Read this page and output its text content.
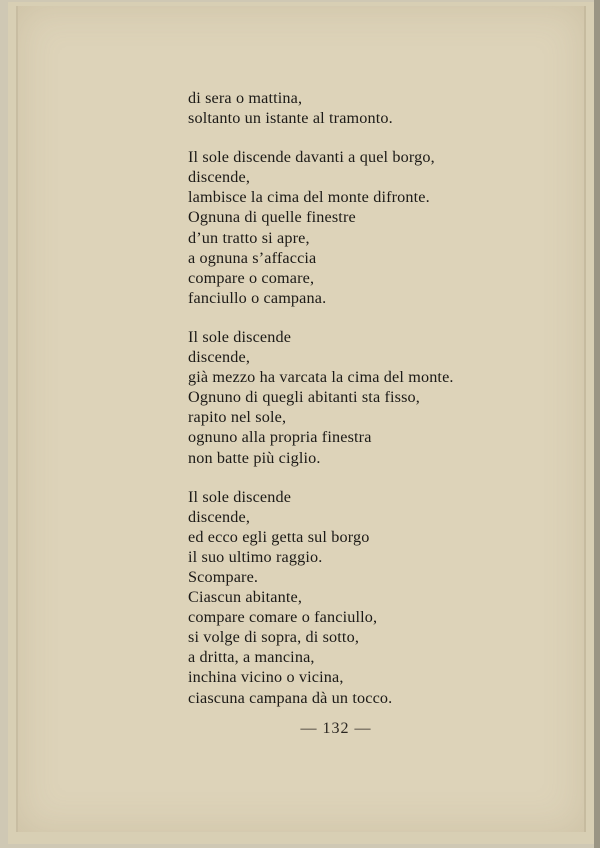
di sera o mattina,
soltanto un istante al tramonto.
Il sole discende davanti a quel borgo,
discende,
lambisce la cima del monte difronte.
Ognuna di quelle finestre
d’un tratto si apre,
a ognuna s’affaccia
compare o comare,
fanciullo o campana.
Il sole discende
discende,
già mezzo ha varcata la cima del monte.
Ognuno di quegli abitanti sta fisso,
rapito nel sole,
ognuno alla propria finestra
non batte più ciglio.
Il sole discende
discende,
ed ecco egli getta sul borgo
il suo ultimo raggio.
Scompare.
Ciascun abitante,
compare comare o fanciullo,
si volge di sopra, di sotto,
a dritta, a mancina,
inchina vicino o vicina,
ciascuna campana dà un tocco.
— 132 —
